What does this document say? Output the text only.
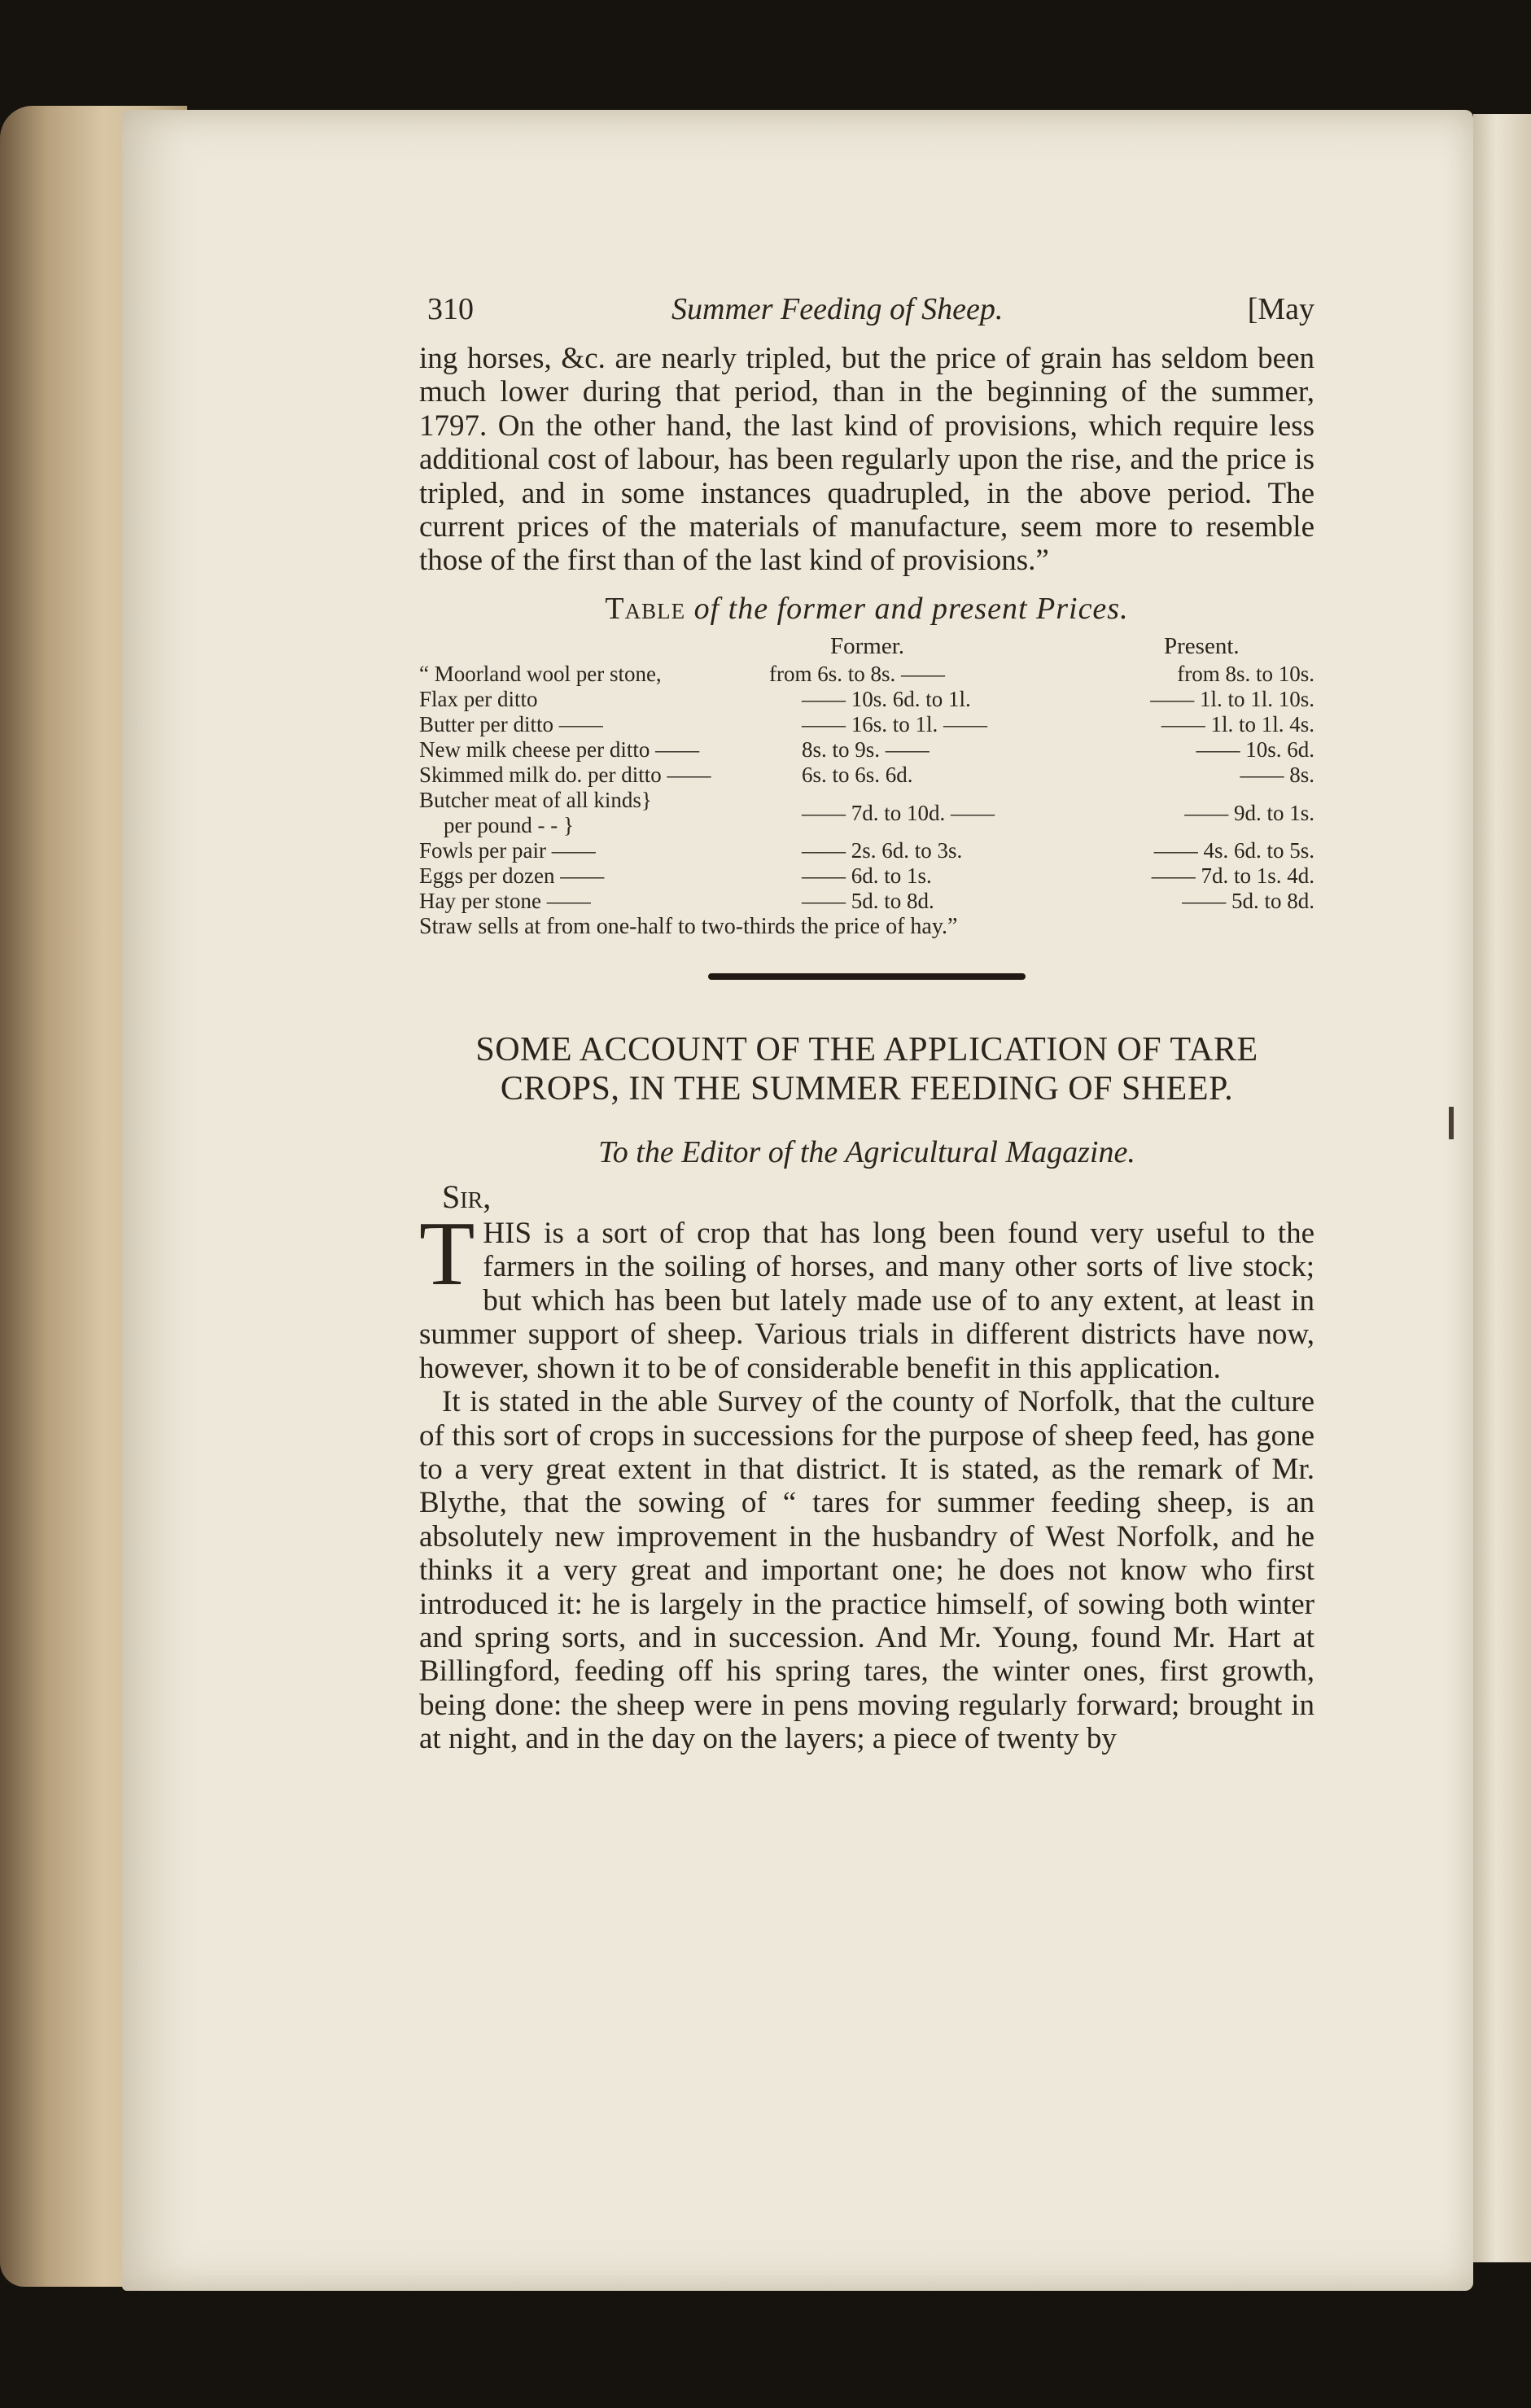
310	Summer Feeding of Sheep.	[May

ing horses, &c. are nearly tripled, but the price of grain has seldom been much lower during that period, than in the beginning of the summer, 1797. On the other hand, the last kind of provisions, which require less additional cost of labour, has been regularly upon the rise, and the price is tripled, and in some instances quadrupled, in the above period. The current prices of the materials of manufacture, seem more to resemble those of the first than of the last kind of provisions.”

Table of the former and present Prices.
Former.	Present.
“ Moorland wool per stone,	from 6s. to 8s. ——	from 8s. to 10s.
Flax per ditto	—— 10s. 6d. to 1l.	—— 1l. to 1l. 10s.
Butter per ditto ——	—— 16s. to 1l. ——	—— 1l. to 1l. 4s.
New milk cheese per ditto ——	8s. to 9s. ——	—— 10s. 6d.
Skimmed milk do. per ditto ——	6s. to 6s. 6d.	—— 8s.
Butcher meat of all kinds}
per pound - - }	—— 7d. to 10d. ——	—— 9d. to 1s.
Fowls per pair ——	—— 2s. 6d. to 3s.	—— 4s. 6d. to 5s.
Eggs per dozen ——	—— 6d. to 1s.	—— 7d. to 1s. 4d.
Hay per stone ——	—— 5d. to 8d.	—— 5d. to 8d.
Straw sells at from one-half to two-thirds the price of hay.”
SOME ACCOUNT OF THE APPLICATION OF TARE
CROPS, IN THE SUMMER FEEDING OF SHEEP.
To the Editor of the Agricultural Magazine.
Sir,

THIS is a sort of crop that has long been found very useful to the farmers in the soiling of horses, and many other sorts of live stock; but which has been but lately made use of to any extent, at least in summer support of sheep. Various trials in different districts have now, however, shown it to be of considerable benefit in this application.

It is stated in the able Survey of the county of Norfolk, that the culture of this sort of crops in successions for the purpose of sheep feed, has gone to a very great extent in that district. It is stated, as the remark of Mr. Blythe, that the sowing of “ tares for summer feeding sheep, is an absolutely new improvement in the husbandry of West Norfolk, and he thinks it a very great and important one; he does not know who first introduced it: he is largely in the practice himself, of sowing both winter and spring sorts, and in succession. And Mr. Young, found Mr. Hart at Billingford, feeding off his spring tares, the winter ones, first growth, being done: the sheep were in pens moving regularly forward; brought in at night, and in the day on the layers; a piece of twenty by
